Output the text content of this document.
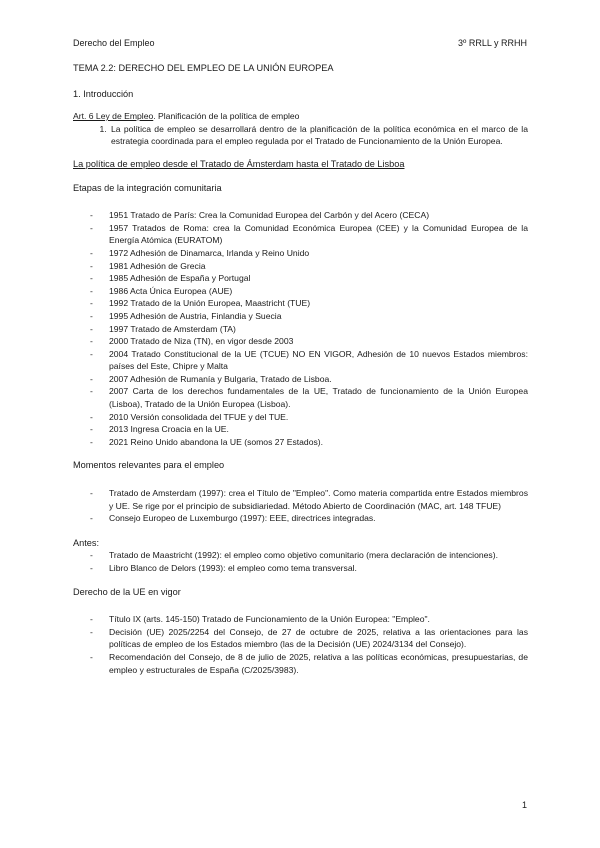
Derecho del Empleo	3º RRLL y RRHH

TEMA 2.2: DERECHO DEL EMPLEO DE LA UNIÓN EUROPEA

1. Introducción

Art. 6 Ley de Empleo. Planificación de la política de empleo

1. La política de empleo se desarrollará dentro de la planificación de la política económica en el marco de la estrategia coordinada para el empleo regulada por el Tratado de Funcionamiento de la Unión Europea.

La política de empleo desde el Tratado de Ámsterdam hasta el Tratado de Lisboa

Etapas de la integración comunitaria

- 1951 Tratado de París: Crea la Comunidad Europea del Carbón y del Acero (CECA)
- 1957 Tratados de Roma: crea la Comunidad Económica Europea (CEE) y la Comunidad Europea de la Energía Atómica (EURATOM)
- 1972 Adhesión de Dinamarca, Irlanda y Reino Unido
- 1981 Adhesión de Grecia
- 1985 Adhesión de España y Portugal
- 1986 Acta Única Europea (AUE)
- 1992 Tratado de la Unión Europea, Maastricht (TUE)
- 1995 Adhesión de Austria, Finlandia y Suecia
- 1997 Tratado de Amsterdam (TA)
- 2000 Tratado de Niza (TN), en vigor desde 2003
- 2004 Tratado Constitucional de la UE (TCUE) NO EN VIGOR, Adhesión de 10 nuevos Estados miembros: países del Este, Chipre y Malta
- 2007 Adhesión de Rumanía y Bulgaria, Tratado de Lisboa.
- 2007 Carta de los derechos fundamentales de la UE, Tratado de funcionamiento de la Unión Europea (Lisboa), Tratado de la Unión Europea (Lisboa).
- 2010 Versión consolidada del TFUE y del TUE.
- 2013 Ingresa Croacia en la UE.
- 2021 Reino Unido abandona la UE (somos 27 Estados).

Momentos relevantes para el empleo

- Tratado de Amsterdam (1997): crea el Título de "Empleo". Como materia compartida entre Estados miembros y UE. Se rige por el principio de subsidiariedad. Método Abierto de Coordinación (MAC, art. 148 TFUE)
- Consejo Europeo de Luxemburgo (1997): EEE, directrices integradas.

Antes:

- Tratado de Maastricht (1992): el empleo como objetivo comunitario (mera declaración de intenciones).
- Libro Blanco de Delors (1993): el empleo como tema transversal.

Derecho de la UE en vigor

- Título IX (arts. 145-150) Tratado de Funcionamiento de la Unión Europea: "Empleo".
- Decisión (UE) 2025/2254 del Consejo, de 27 de octubre de 2025, relativa a las orientaciones para las políticas de empleo de los Estados miembro (las de la Decisión (UE) 2024/3134 del Consejo).
- Recomendación del Consejo, de 8 de julio de 2025, relativa a las políticas económicas, presupuestarias, de empleo y estructurales de España (C/2025/3983).
1
